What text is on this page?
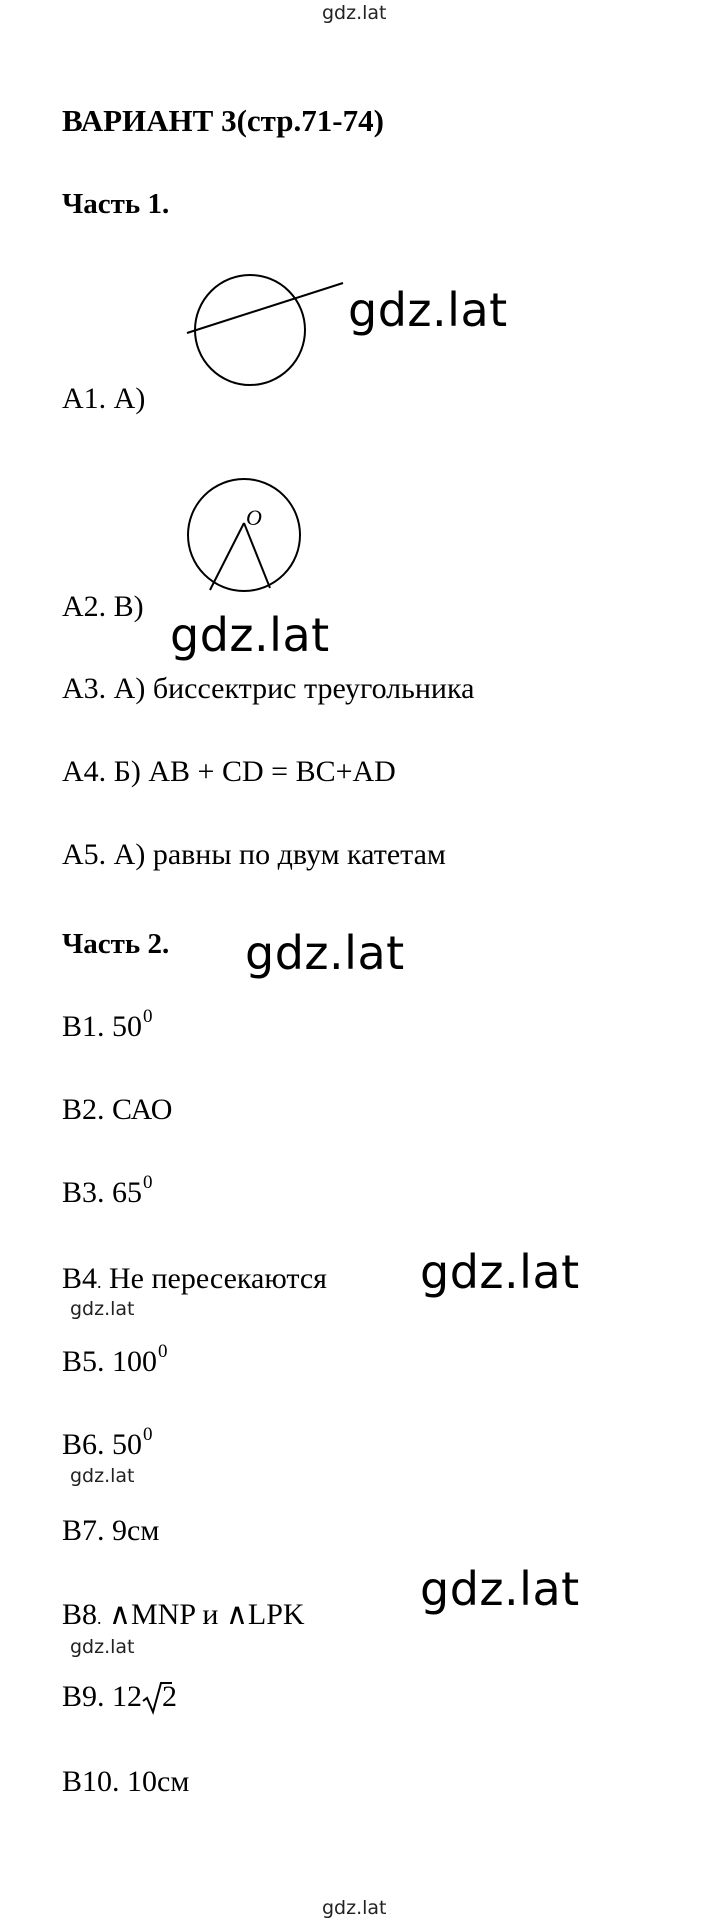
gdz.lat
gdz.lat
gdz.lat
gdz.lat
gdz.lat
gdz.lat
gdz.lat
gdz.lat
gdz.lat
gdz.lat
ВАРИАНТ 3(стр.71-74)
Часть 1.
A1. А)
O
A2. В)
A3. А) биссектрис треугольника
A4. Б) АВ + CD = ВС+AD
A5. А) равны по двум катетам
Часть 2.
В1. $50^0$
В2. САО
В3. $65^0$
В4. Не пересекаются
В5. $100^0$
В6. $50^0$
В7. 9см
В8. ∧MNP и ∧LPK
В9. 12 2
В10. 10см
